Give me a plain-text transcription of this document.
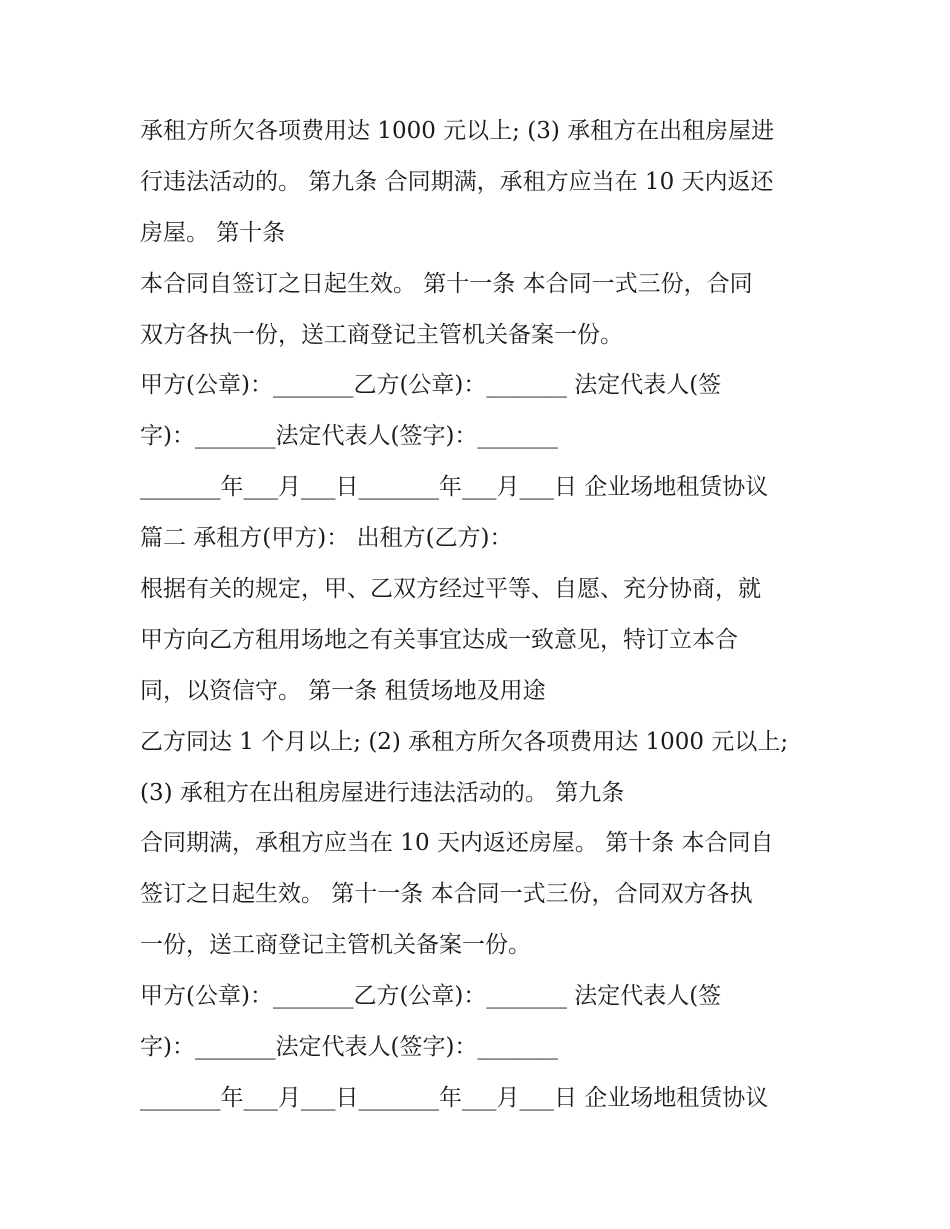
承租方所欠各项费用达 1000 元以上; (3) 承租方在出租房屋进
行违法活动的。 第九条 合同期满，承租方应当在 10 天内返还
房屋。 第十条
本合同自签订之日起生效。 第十一条 本合同一式三份，合同
双方各执一份，送工商登记主管机关备案一份。
甲方(公章)：_______乙方(公章)：_______ 法定代表人(签
字)：_______法定代表人(签字)：_______
_______年___月___日_______年___月___日 企业场地租赁协议
篇二 承租方(甲方)： 出租方(乙方)：
根据有关的规定，甲、乙双方经过平等、自愿、充分协商，就
甲方向乙方租用场地之有关事宜达成一致意见，特订立本合
同，以资信守。 第一条 租赁场地及用途
乙方同达 1 个月以上; (2) 承租方所欠各项费用达 1000 元以上;
(3) 承租方在出租房屋进行违法活动的。 第九条
合同期满，承租方应当在 10 天内返还房屋。 第十条 本合同自
签订之日起生效。 第十一条 本合同一式三份，合同双方各执
一份，送工商登记主管机关备案一份。
甲方(公章)：_______乙方(公章)：_______ 法定代表人(签
字)：_______法定代表人(签字)：_______
_______年___月___日_______年___月___日 企业场地租赁协议
